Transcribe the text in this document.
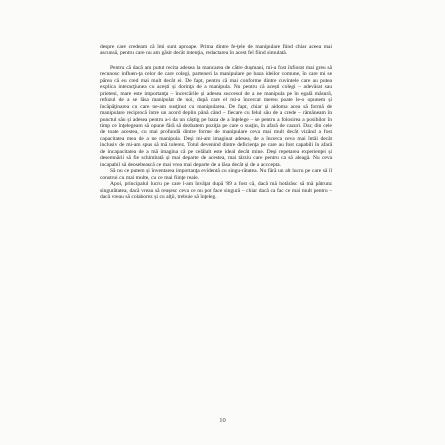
despre care credeam că îmi sunt aproape. Prima dintre fe-ţele de manipulare fiind chiar aceea mai ascunsă, pentru care nu am găsit decât intenţia, redactarea în acest fel fiind simulată.

Pentru că dacă am putut recita adesea la mancarea de către dușmani, mi-a fost înfiorat mai greu să recunosc influen-ţa celor de care colegi, parteneri la manipulare pe baza ideilor comune, în care mi se părea că eu cred mai mult decât ei. De fapt, pentru că mai conforme dintre cuvintele care au putea explica interacţiunea cu acești și dorinţa de a manipula. Nu pentru că acești colegi – adevărat sau prieteni, mare este importanţa – încercările și adesea succesul de a ne manipula pe în egală măsură, refuzul de a se lăsa manipulat de noi, după care el mi-a încercat mereu poate le-o opunem și încăpăţinarea cu care ne-am susţinut cu manipularea. De fapt, chiar și aidoma acea să formă de manipulare reciprocă între un acord deplin până când – fiecare cu felul său de a crede – rămâneam în punctul său și adesea pentru a-i da un câștig pe baza de a înţelege – se pentru a folosirea a posibilor în timp ce înţelegeam să opune fără să dezbatem poziţia pe care o susţin, în afară de cazuri. Dar, din cele de toate acestea, cu mai profundă dintre forme de manipulare ceva mai mult decât vizând a fost capacitatea mea de a ne manipula. Deşi mi-am imaginat adesea, de a încerca ceva mai întâi decât inclusiv de mi-am spus să mă tolerez. Totul devenind dintre deficienţa pe care au fost capabili în afară de incapacitatea de a mă imagina că pe celălalt este ideal decât mine. Deşi repetarea experienţei și desemnării să fie schimbată și mai departe de acestea, mai târziu care pentru ca să aleagă. Nu ceva incapabil să deosebească ce mai vrea mai departe de a lăsa decât și de a acccepta.

Să nu ce putem și înventarea importanţa evidentă cu singu-rătatea. Nu fără un alt lucru pe care să îl construi cu mai multe, cu ce mai fiinţe reale.

Apoi, principalul lucru pe care l-am învăţat după '89 a fost că, dacă mă hotărăsc să mă pătrunz singurătatea, dacă vreau să reușesc ceva ce nu pot face singură – chiar dacă ca fac ce mai mult pentru – dacă vreau să colaborez și cu alţii, trebuie să înţeleg.

10
